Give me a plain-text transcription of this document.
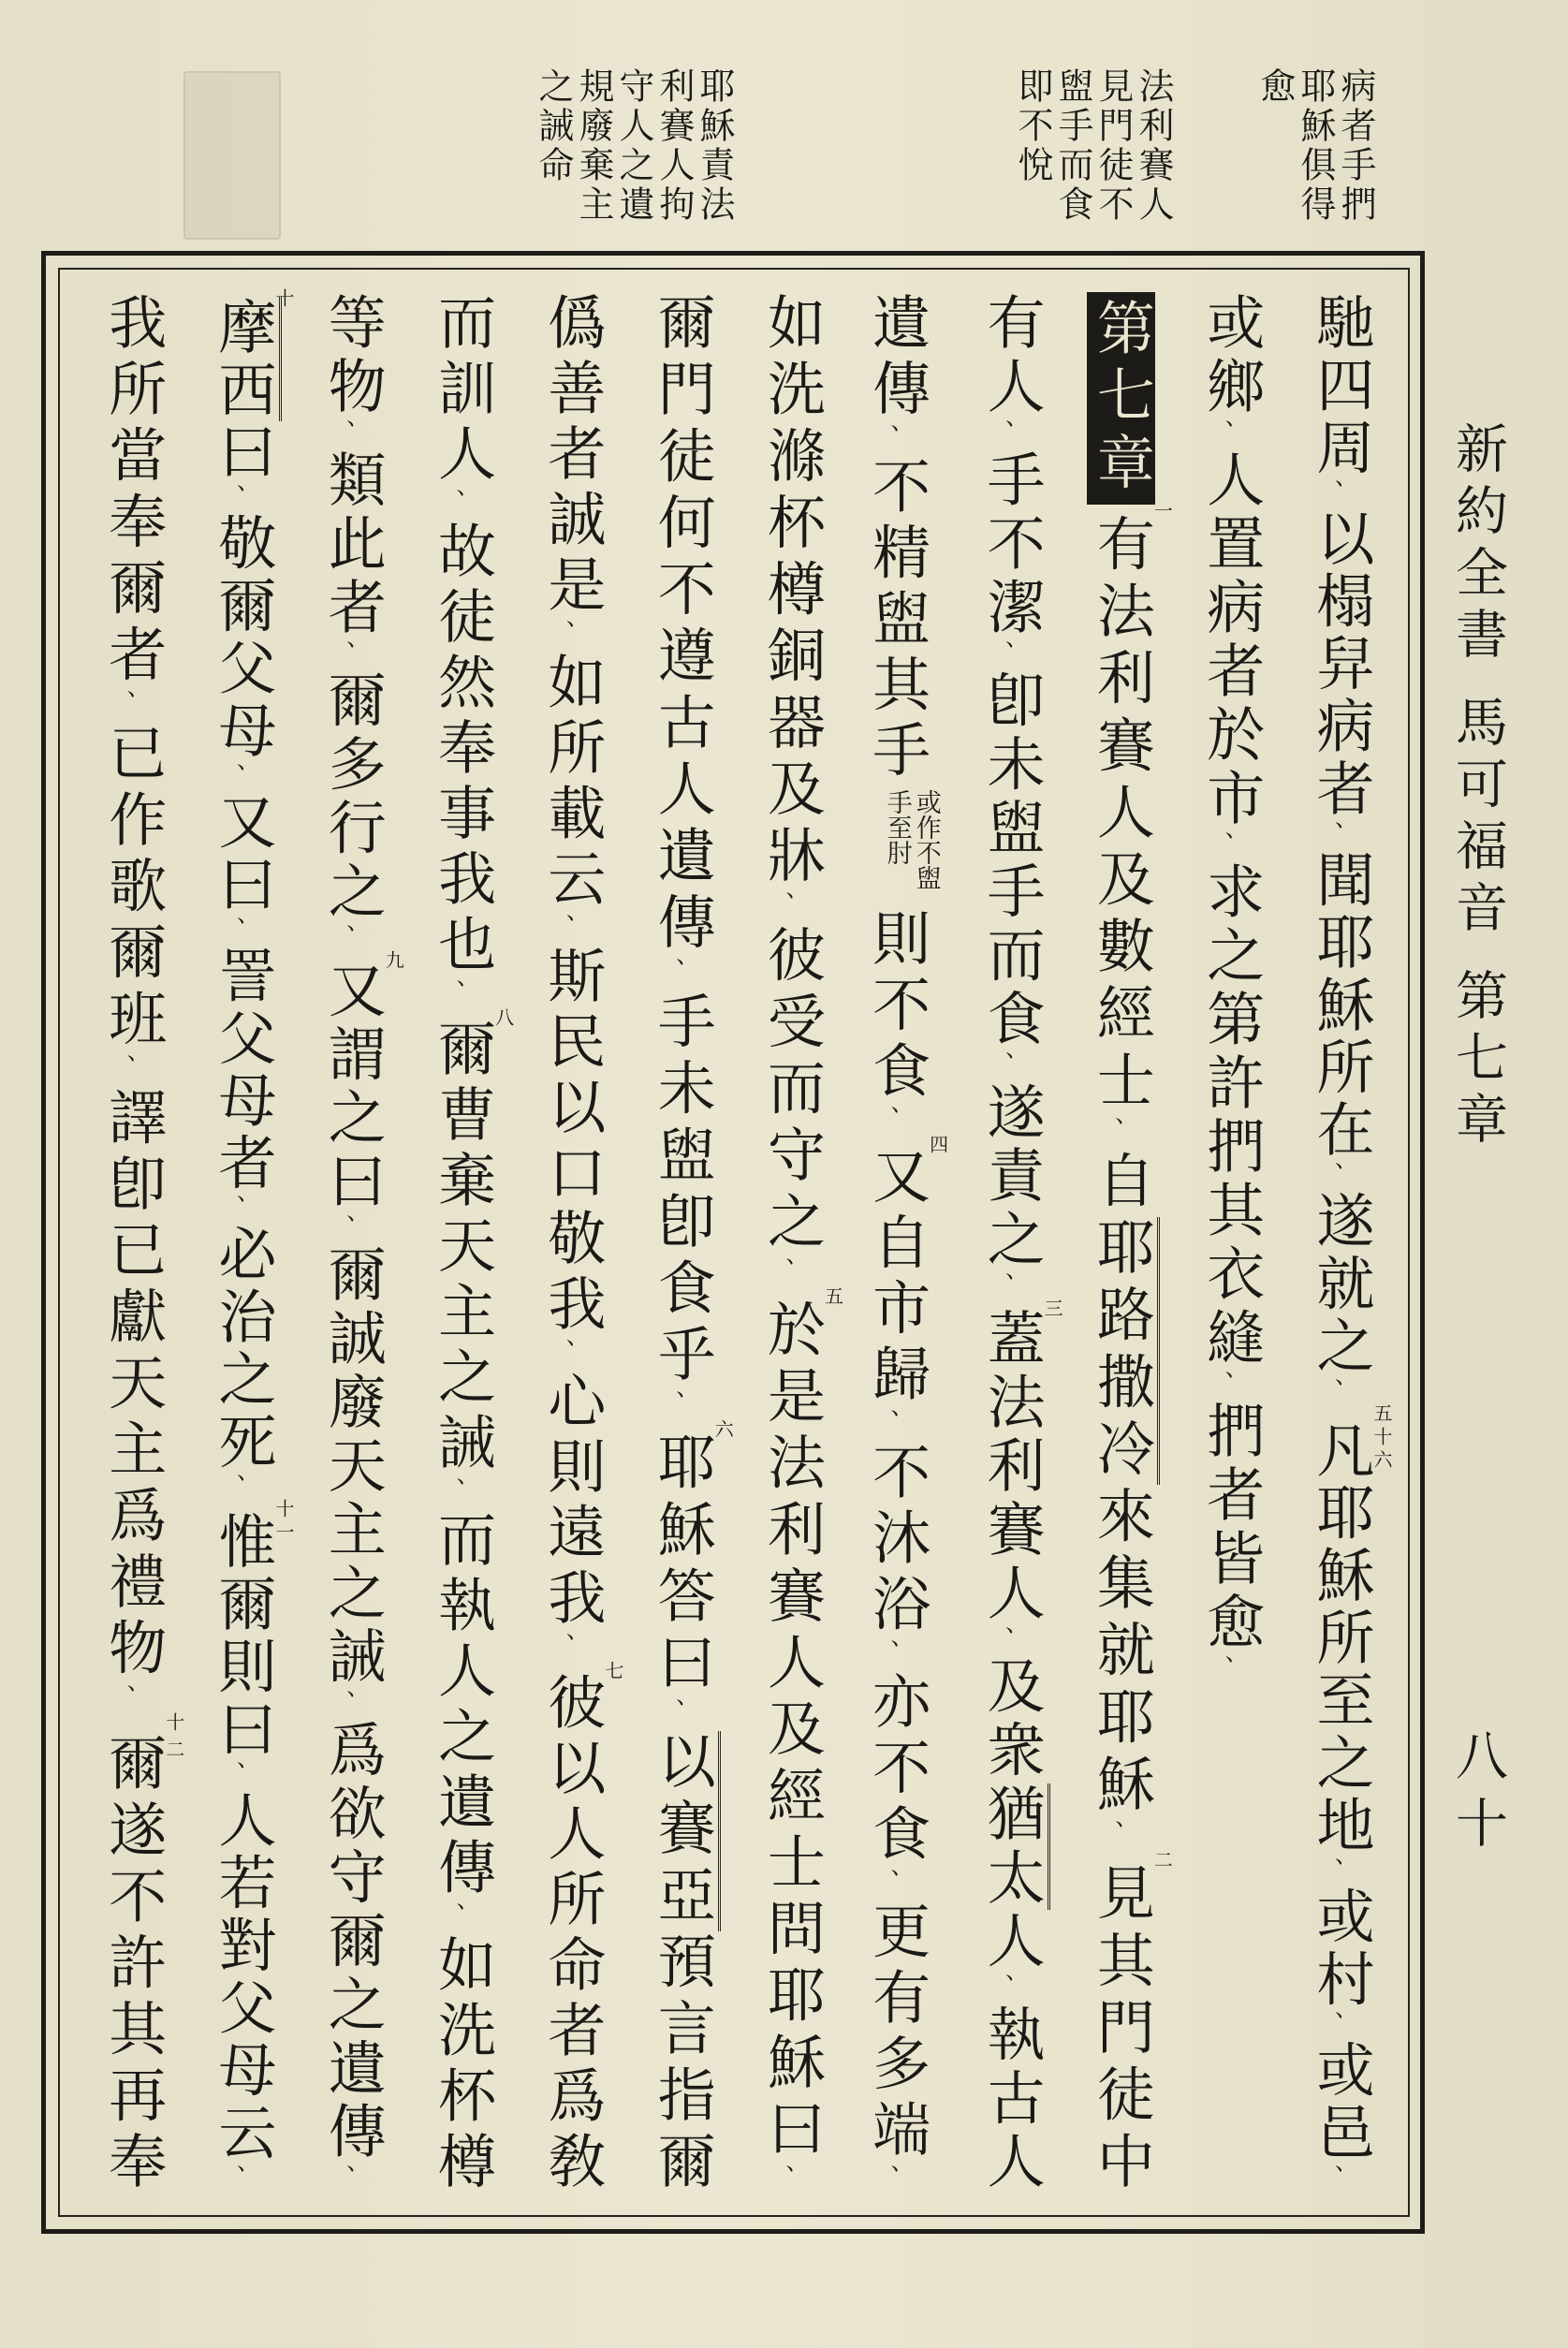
病者手捫耶穌俱得愈
法利賽人見門徒不盥手而食即不悅
耶穌責法利賽人拘守人之遺規廢棄主之誡命
新約全書馬可福音第七章
八十
馳四周、以榻舁病者、聞耶穌所在、遂就之、五十六凡耶穌所至之地、或村、或邑、
或鄉、人置病者於市、求之第許捫其衣縫、捫者皆愈、
第七章一有法利賽人及數經士、自耶路撒冷來集就耶穌、二見其門徒中
有人、手不潔、卽未盥手而食、遂責之、三蓋法利賽人、及衆猶太人、執古人
遺傳、不精盥其手或作不盥手至肘則不食、四又自市歸、不沐浴、亦不食、更有多端、
如洗滌杯樽銅器及牀、彼受而守之、五於是法利賽人及經士問耶穌曰、
爾門徒何不遵古人遺傳、手未盥卽食乎、六耶穌答曰、以賽亞預言指爾
僞善者誠是、如所載云、斯民以口敬我、心則遠我、七彼以人所命者爲敎
而訓人、故徒然奉事我也、八爾曹棄天主之誡、而執人之遺傳、如洗杯樽
等物、類此者、爾多行之、九又謂之曰、爾誠廢天主之誡、爲欲守爾之遺傳、
十摩西曰、敬爾父母、又曰、詈父母者、必治之死、十一惟爾則曰、人若對父母云、
我所當奉爾者、已作歌爾班、譯卽已獻天主爲禮物、十二爾遂不許其再奉
